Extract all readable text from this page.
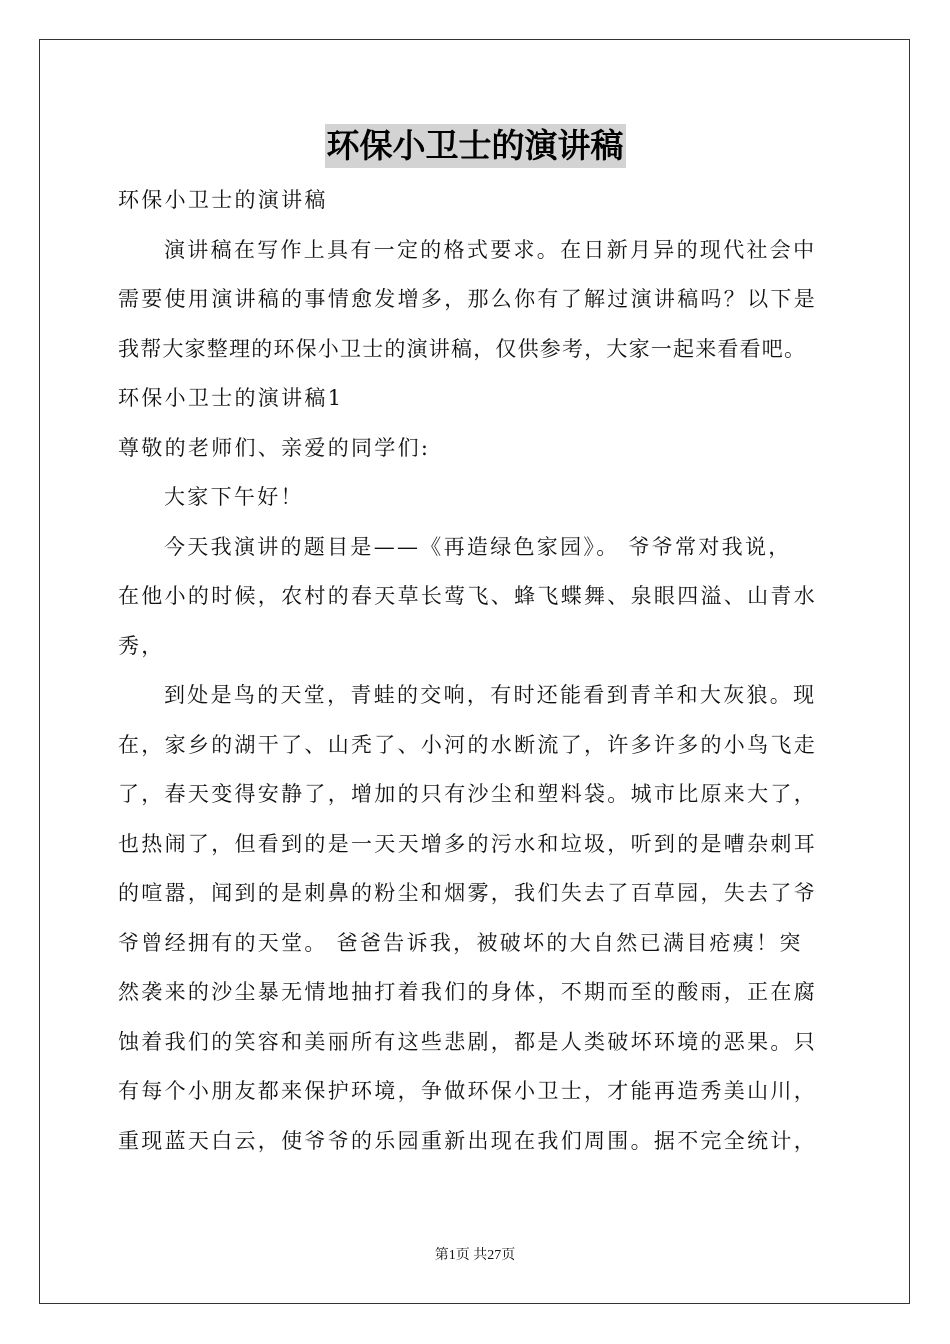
环保小卫士的演讲稿
环保小卫士的演讲稿
演讲稿在写作上具有一定的格式要求。在日新月异的现代社会中
需要使用演讲稿的事情愈发增多，那么你有了解过演讲稿吗？以下是
我帮大家整理的环保小卫士的演讲稿，仅供参考，大家一起来看看吧。
环保小卫士的演讲稿1
尊敬的老师们、亲爱的同学们:
大家下午好！
今天我演讲的题目是——《再造绿色家园》。 爷爷常对我说，
在他小的时候，农村的春天草长莺飞、蜂飞蝶舞、泉眼四溢、山青水
秀，
到处是鸟的天堂，青蛙的交响，有时还能看到青羊和大灰狼。现
在，家乡的湖干了、山秃了、小河的水断流了，许多许多的小鸟飞走
了，春天变得安静了，增加的只有沙尘和塑料袋。城市比原来大了，
也热闹了，但看到的是一天天增多的污水和垃圾，听到的是嘈杂刺耳
的喧嚣，闻到的是刺鼻的粉尘和烟雾，我们失去了百草园，失去了爷
爷曾经拥有的天堂。 爸爸告诉我，被破坏的大自然已满目疮痍！突
然袭来的沙尘暴无情地抽打着我们的身体，不期而至的酸雨，正在腐
蚀着我们的笑容和美丽所有这些悲剧，都是人类破坏环境的恶果。只
有每个小朋友都来保护环境，争做环保小卫士，才能再造秀美山川，
重现蓝天白云，使爷爷的乐园重新出现在我们周围。据不完全统计，
第1页 共27页
